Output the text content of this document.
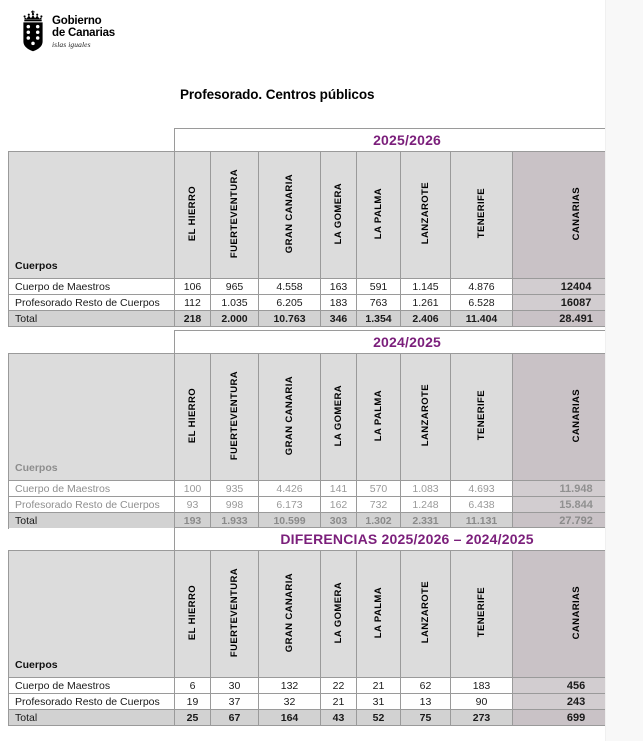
Gobierno
de Canarias
islas iguales
Profesorado. Centros públicos
	2025/2026							
Cuerpos	EL HIERRO	FUERTEVENTURA	GRAN CANARIA	LA GOMERA	LA PALMA	LANZAROTE	TENERIFE	CANARIAS
Cuerpo de Maestros	106	965	4.558	163	591	1.145	4.876	12404
Profesorado Resto de Cuerpos	112	1.035	6.205	183	763	1.261	6.528	16087
Total	218	2.000	10.763	346	1.354	2.406	11.404	28.491
	2024/2025							
Cuerpos	EL HIERRO	FUERTEVENTURA	GRAN CANARIA	LA GOMERA	LA PALMA	LANZAROTE	TENERIFE	CANARIAS
Cuerpo de Maestros	100	935	4.426	141	570	1.083	4.693	11.948
Profesorado Resto de Cuerpos	93	998	6.173	162	732	1.248	6.438	15.844
Total	193	1.933	10.599	303	1.302	2.331	11.131	27.792
	DIFERENCIAS 2025/2026 – 2024/2025							
Cuerpos	EL HIERRO	FUERTEVENTURA	GRAN CANARIA	LA GOMERA	LA PALMA	LANZAROTE	TENERIFE	CANARIAS
Cuerpo de Maestros	6	30	132	22	21	62	183	456
Profesorado Resto de Cuerpos	19	37	32	21	31	13	90	243
Total	25	67	164	43	52	75	273	699
